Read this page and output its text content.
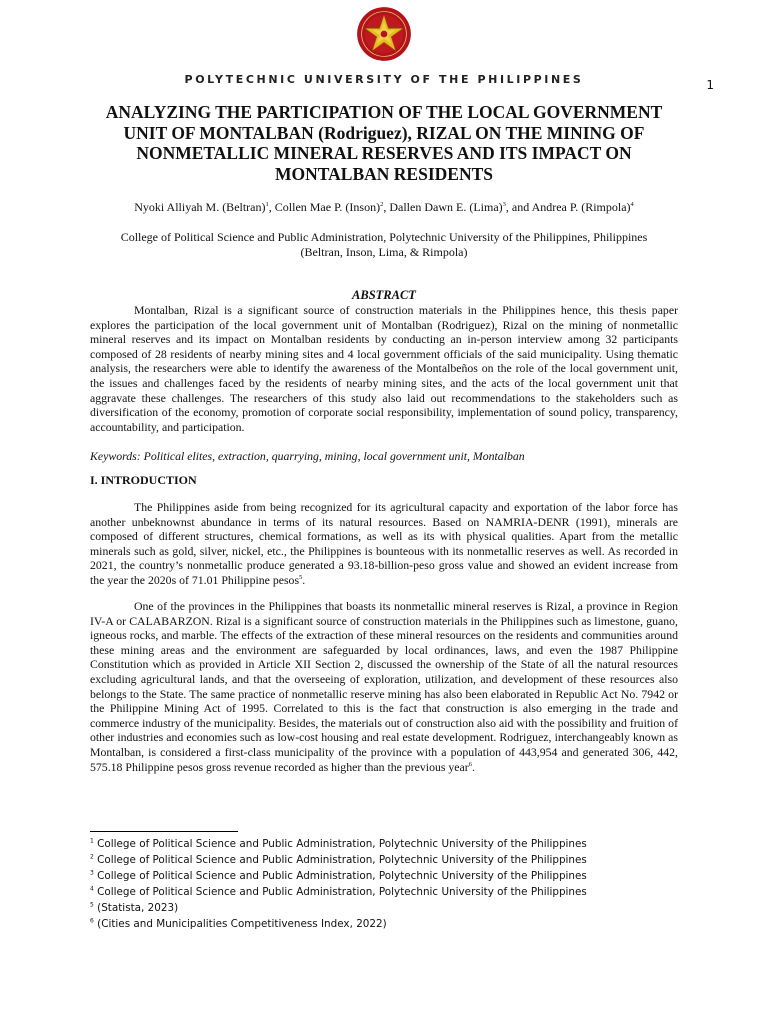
POLYTECHNIC UNIVERSITY OF THE PHILIPPINES	1
ANALYZING THE PARTICIPATION OF THE LOCAL GOVERNMENT UNIT OF MONTALBAN (Rodriguez), RIZAL ON THE MINING OF NONMETALLIC MINERAL RESERVES AND ITS IMPACT ON MONTALBAN RESIDENTS
Nyoki Alliyah M. (Beltran)$^1$, Collen Mae P. (Inson)$^2$, Dallen Dawn E. (Lima)$^3$, and Andrea P. (Rimpola)$^4$
College of Political Science and Public Administration, Polytechnic University of the Philippines, Philippines
(Beltran, Inson, Lima, & Rimpola)
ABSTRACT

Montalban, Rizal is a significant source of construction materials in the Philippines hence, this thesis paper explores the participation of the local government unit of Montalban (Rodriguez), Rizal on the mining of nonmetallic mineral reserves and its impact on Montalban residents by conducting an in-person interview among 32 participants composed of 28 residents of nearby mining sites and 4 local government officials of the said municipality. Using thematic analysis, the researchers were able to identify the awareness of the Montalbeños on the role of the local government unit, the issues and challenges faced by the residents of nearby mining sites, and the acts of the local government unit that aggravate these challenges. The researchers of this study also laid out recommendations to the stakeholders such as diversification of the economy, promotion of corporate social responsibility, implementation of sound policy, transparency, accountability, and participation.

Keywords: Political elites, extraction, quarrying, mining, local government unit, Montalban
I. INTRODUCTION

The Philippines aside from being recognized for its agricultural capacity and exportation of the labor force has another unbeknownst abundance in terms of its natural resources. Based on NAMRIA-DENR (1991), minerals are composed of different structures, chemical formations, as well as its with physical qualities. Apart from the metallic minerals such as gold, silver, nickel, etc., the Philippines is bounteous with its nonmetallic reserves as well. As recorded in 2021, the country’s nonmetallic produce generated a 93.18-billion-peso gross value and showed an evident increase from the year the 2020s of 71.01 Philippine pesos$^5$.

One of the provinces in the Philippines that boasts its nonmetallic mineral reserves is Rizal, a province in Region IV-A or CALABARZON. Rizal is a significant source of construction materials in the Philippines such as limestone, guano, igneous rocks, and marble. The effects of the extraction of these mineral resources on the residents and communities around these mining areas and the environment are safeguarded by local ordinances, laws, and even the 1987 Philippine Constitution which as provided in Article XII Section 2, discussed the ownership of the State of all the natural resources excluding agricultural lands, and that the overseeing of exploration, utilization, and development of these resources also belongs to the State. The same practice of nonmetallic reserve mining has also been elaborated in Republic Act No. 7942 or the Philippine Mining Act of 1995. Correlated to this is the fact that construction is also emerging in the trade and commerce industry of the municipality. Besides, the materials out of construction also aid with the possibility and fruition of other industries and economies such as low-cost housing and real estate development. Rodriguez, interchangeably known as Montalban, is considered a first-class municipality of the province with a population of 443,954 and generated 306, 442, 575.18 Philippine pesos gross revenue recorded as higher than the previous year$^6$.

$^1$ College of Political Science and Public Administration, Polytechnic University of the Philippines
$^2$ College of Political Science and Public Administration, Polytechnic University of the Philippines
$^3$ College of Political Science and Public Administration, Polytechnic University of the Philippines
$^4$ College of Political Science and Public Administration, Polytechnic University of the Philippines
$^5$ (Statista, 2023)
$^6$ (Cities and Municipalities Competitiveness Index, 2022)
